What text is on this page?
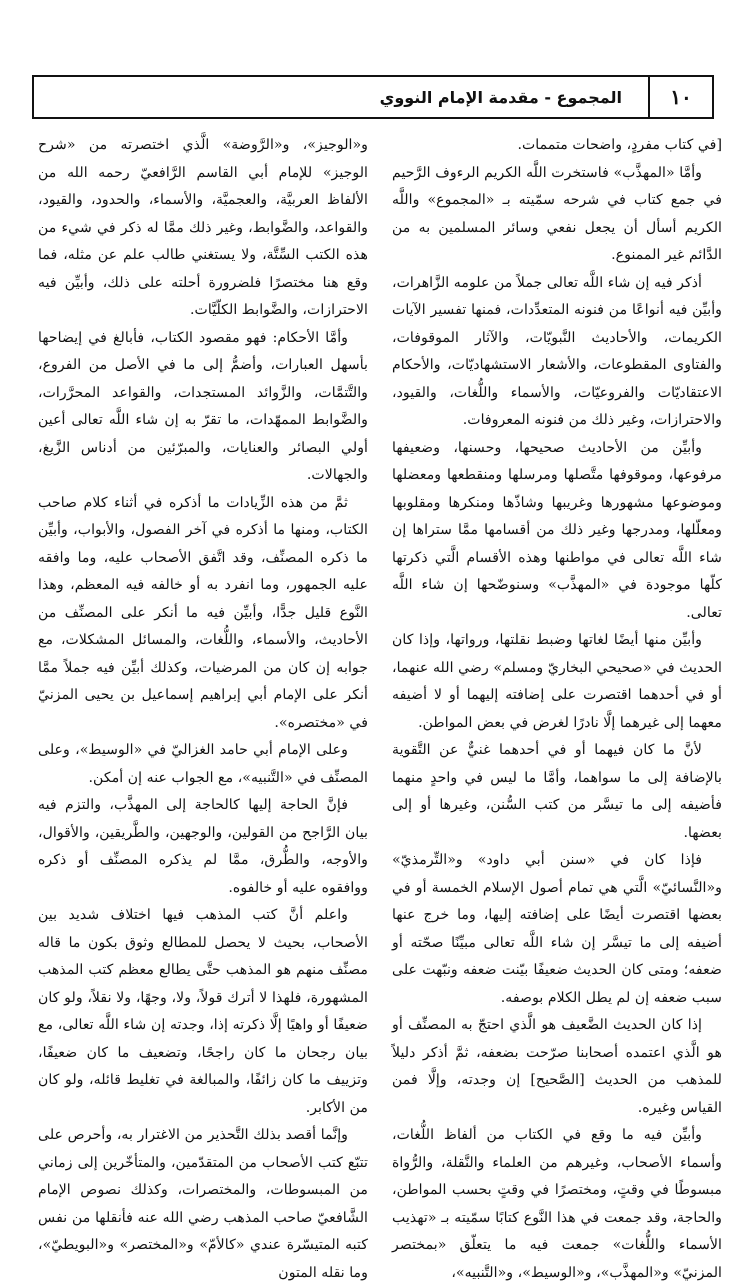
١٠
المجموع - مقدمة الإمام النووي

[في كتاب مفردٍ، واضحات متممات.

وأمَّا «المهذَّب» فاستخرت اللَّه الكريم الرءوف الرَّحيم في جمع كتاب في شرحه سمّيته بـ «المجموع» واللَّه الكريم أسأل أن يجعل نفعي وسائر المسلمين به من الدَّائم غير الممنوع.

أذكر فيه إن شاء اللَّه تعالى جملاً من علومه الزَّاهرات، وأبيِّن فيه أنواعًا من فنونه المتعدِّدات، فمنها تفسير الآيات الكريمات، والأحاديث النَّبويّات، والآثار الموقوفات، والفتاوى المقطوعات، والأشعار الاستشهاديّات، والأحكام الاعتقاديّات والفروعيّات، والأسماء واللُّغات، والقيود، والاحترازات، وغير ذلك من فنونه المعروفات.

وأبيِّن من الأحاديث صحيحها، وحسنها، وضعيفها مرفوعها، وموقوفها متَّصلها ومرسلها ومنقطعها ومعضلها وموضوعها مشهورها وغريبها وشاذّها ومنكرها ومقلوبها ومعلّلها، ومدرجها وغير ذلك من أقسامها ممَّا ستراها إن شاء اللَّه تعالى في مواطنها وهذه الأقسام الَّتي ذكرتها كلّها موجودة في «المهذَّب» وسنوضّحها إن شاء اللَّه تعالى.

وأبيِّن منها أيضًا لغاتها وضبط نقلتها، ورواتها، وإذا كان الحديث في «صحيحي البخاريّ ومسلم» رضي الله عنهما، أو في أحدهما اقتصرت على إضافته إليهما أو لا أضيفه معهما إلى غيرهما إلَّا نادرًا لغرض في بعض المواطن.

لأنَّ ما كان فيهما أو في أحدهما غنيٌّ عن التَّقوية بالإضافة إلى ما سواهما، وأمَّا ما ليس في واحدٍ منهما فأضيفه إلى ما تيسَّر من كتب السُّنن، وغيرها أو إلى بعضها.

فإذا كان في «سنن أبي داود» و«التِّرمذيّ» و«النَّسائيّ» الَّتي هي تمام أصول الإسلام الخمسة أو في بعضها اقتصرت أيضًا على إضافته إليها، وما خرج عنها أضيفه إلى ما تيسَّر إن شاء اللَّه تعالى مبيِّنًا صحّته أو ضعفه؛ ومتى كان الحديث ضعيفًا بيّنت ضعفه ونبّهت على سبب ضعفه إن لم يطل الكلام بوصفه.

إذا كان الحديث الضَّعيف هو الَّذي احتجّ به المصنِّف أو هو الَّذي اعتمده أصحابنا صرّحت بضعفه، ثمَّ أذكر دليلاً للمذهب من الحديث [الصَّحيح] إن وجدته، وإلَّا فمن القياس وغيره.

وأبيِّن فيه ما وقع في الكتاب من ألفاظ اللُّغات، وأسماء الأصحاب، وغيرهم من العلماء والنَّقلة، والرُّواة مبسوطًا في وقتٍ، ومختصرًا في وقتٍ بحسب المواطن، والحاجة، وقد جمعت في هذا النَّوع كتابًا سمّيته بـ «تهذيب الأسماء واللُّغات» جمعت فيه ما يتعلّق «بمختصر المزنيّ» و«المهذَّب»، و«الوسيط»، و«التَّنبيه»،

و«الوجيز»، و«الرَّوضة» الَّذي اختصرته من «شرح الوجيز» للإمام أبي القاسم الرَّافعيّ رحمه الله من الألفاظ العربيَّة، والعجميَّة، والأسماء، والحدود، والقيود، والقواعد، والضَّوابط، وغير ذلك ممَّا له ذكر في شيء من هذه الكتب السِّتَّة، ولا يستغني طالب علم عن مثله، فما وقع هنا مختصرًا فلضرورة أحلته على ذلك، وأبيِّن فيه الاحترازات، والضَّوابط الكلّيَّات.

وأمَّا الأحكام: فهو مقصود الكتاب، فأبالغ في إيضاحها بأسهل العبارات، وأضمُّ إلى ما في الأصل من الفروع، والتَّتمَّات، والزَّوائد المستجدات، والقواعد المحرَّرات، والضَّوابط الممهّدات، ما تقرّ به إن شاء اللَّه تعالى أعين أولي البصائر والعنايات، والمبرّئين من أدناس الزَّيغ، والجهالات.

ثمَّ من هذه الزِّيادات ما أذكره في أثناء كلام صاحب الكتاب، ومنها ما أذكره في آخر الفصول، والأبواب، وأبيِّن ما ذكره المصنِّف، وقد اتَّفق الأصحاب عليه، وما وافقه عليه الجمهور، وما انفرد به أو خالفه فيه المعظم، وهذا النَّوع قليل جدًّا، وأبيِّن فيه ما أنكر على المصنِّف من الأحاديث، والأسماء، واللُّغات، والمسائل المشكلات، مع جوابه إن كان من المرضيات، وكذلك أبيِّن فيه جملاً ممَّا أنكر على الإمام أبي إبراهيم إسماعيل بن يحيى المزنيّ في «مختصره».

وعلى الإمام أبي حامد الغزاليّ في «الوسيط»، وعلى المصنِّف في «التَّنبيه»، مع الجواب عنه إن أمكن.

فإنَّ الحاجة إليها كالحاجة إلى المهذَّب، والتزم فيه بيان الرَّاجح من القولين، والوجهين، والطَّريقين، والأقوال، والأوجه، والطُّرق، ممَّا لم يذكره المصنِّف أو ذكره ووافقوه عليه أو خالفوه.

واعلم أنَّ كتب المذهب فيها اختلاف شديد بين الأصحاب، بحيث لا يحصل للمطالع وثوق بكون ما قاله مصنِّف منهم هو المذهب حتَّى يطالع معظم كتب المذهب المشهورة، فلهذا لا أترك قولاً، ولا، وجهًا، ولا نقلاً، ولو كان ضعيفًا أو واهيًا إلَّا ذكرته إذا، وجدته إن شاء اللَّه تعالى، مع بيان رجحان ما كان راجحًا، وتضعيف ما كان ضعيفًا، وتزييف ما كان زائفًا، والمبالغة في تغليط قائله، ولو كان من الأكابر.

وإنَّما أقصد بذلك التَّحذير من الاغترار به، وأحرص على تتبّع كتب الأصحاب من المتقدّمين، والمتأخّرين إلى زماني من المبسوطات، والمختصرات، وكذلك نصوص الإمام الشَّافعيّ صاحب المذهب رضي الله عنه فأنقلها من نفس كتبه المتيسّرة عندي «كالأمّ» و«المختصر» و«البويطيّ»، وما نقله المتون
